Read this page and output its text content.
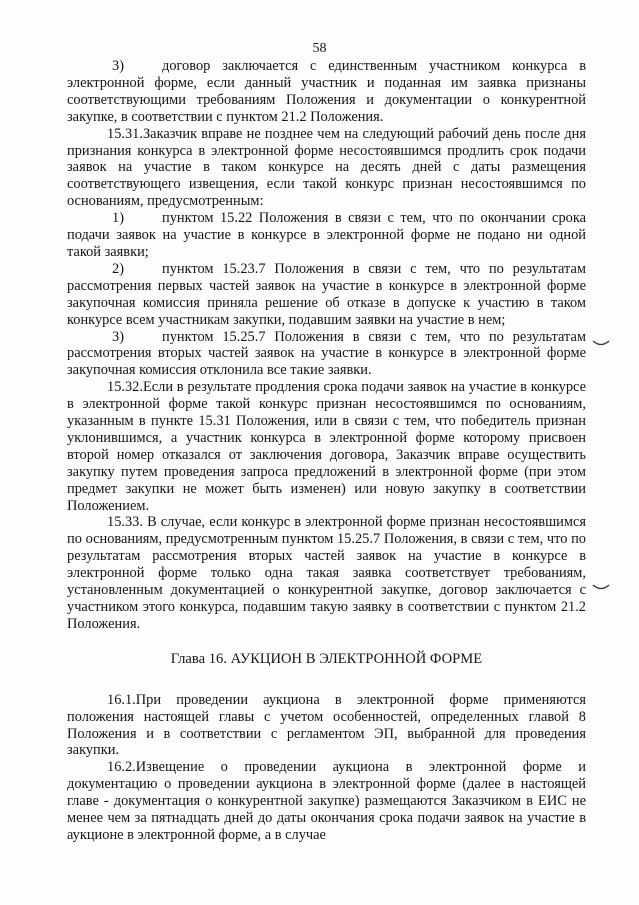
58

3)	договор заключается с единственным участником конкурса в электронной форме, если данный участник и поданная им заявка признаны соответствующими требованиям Положения и документации о конкурентной закупке, в соответствии с пунктом 21.2 Положения.

15.31.Заказчик вправе не позднее чем на следующий рабочий день после дня признания конкурса в электронной форме несостоявшимся продлить срок подачи заявок на участие в таком конкурсе на десять дней с даты размещения соответствующего извещения, если такой конкурс признан несостоявшимся по основаниям, предусмотренным:

1)	пунктом 15.22 Положения в связи с тем, что по окончании срока подачи заявок на участие в конкурсе в электронной форме не подано ни одной такой заявки;

2)	пунктом 15.23.7 Положения в связи с тем, что по результатам рассмотрения первых частей заявок на участие в конкурсе в электронной форме закупочная комиссия приняла решение об отказе в допуске к участию в таком конкурсе всем участникам закупки, подавшим заявки на участие в нем;

3)	пунктом 15.25.7 Положения в связи с тем, что по результатам рассмотрения вторых частей заявок на участие в конкурсе в электронной форме закупочная комиссия отклонила все такие заявки.

15.32.Если в результате продления срока подачи заявок на участие в конкурсе в электронной форме такой конкурс признан несостоявшимся по основаниям, указанным в пункте 15.31 Положения, или в связи с тем, что победитель признан уклонившимся, а участник конкурса в электронной форме которому присвоен второй номер отказался от заключения договора, Заказчик вправе осуществить закупку путем проведения запроса предложений в электронной форме (при этом предмет закупки не может быть изменен) или новую закупку в соответствии Положением.

15.33. В случае, если конкурс в электронной форме признан несостоявшимся по основаниям, предусмотренным пунктом 15.25.7 Положения, в связи с тем, что по результатам рассмотрения вторых частей заявок на участие в конкурсе в электронной форме только одна такая заявка соответствует требованиям, установленным документацией о конкурентной закупке, договор заключается с участником этого конкурса, подавшим такую заявку в соответствии с пунктом 21.2 Положения.

Глава 16. АУКЦИОН В ЭЛЕКТРОННОЙ ФОРМЕ

16.1.При проведении аукциона в электронной форме применяются положения настоящей главы с учетом особенностей, определенных главой 8 Положения и в соответствии с регламентом ЭП, выбранной для проведения закупки.

16.2.Извещение о проведении аукциона в электронной форме и документацию о проведении аукциона в электронной форме (далее в настоящей главе - документация о конкурентной закупке) размещаются Заказчиком в ЕИС не менее чем за пятнадцать дней до даты окончания срока подачи заявок на участие в аукционе в электронной форме, а в случае
